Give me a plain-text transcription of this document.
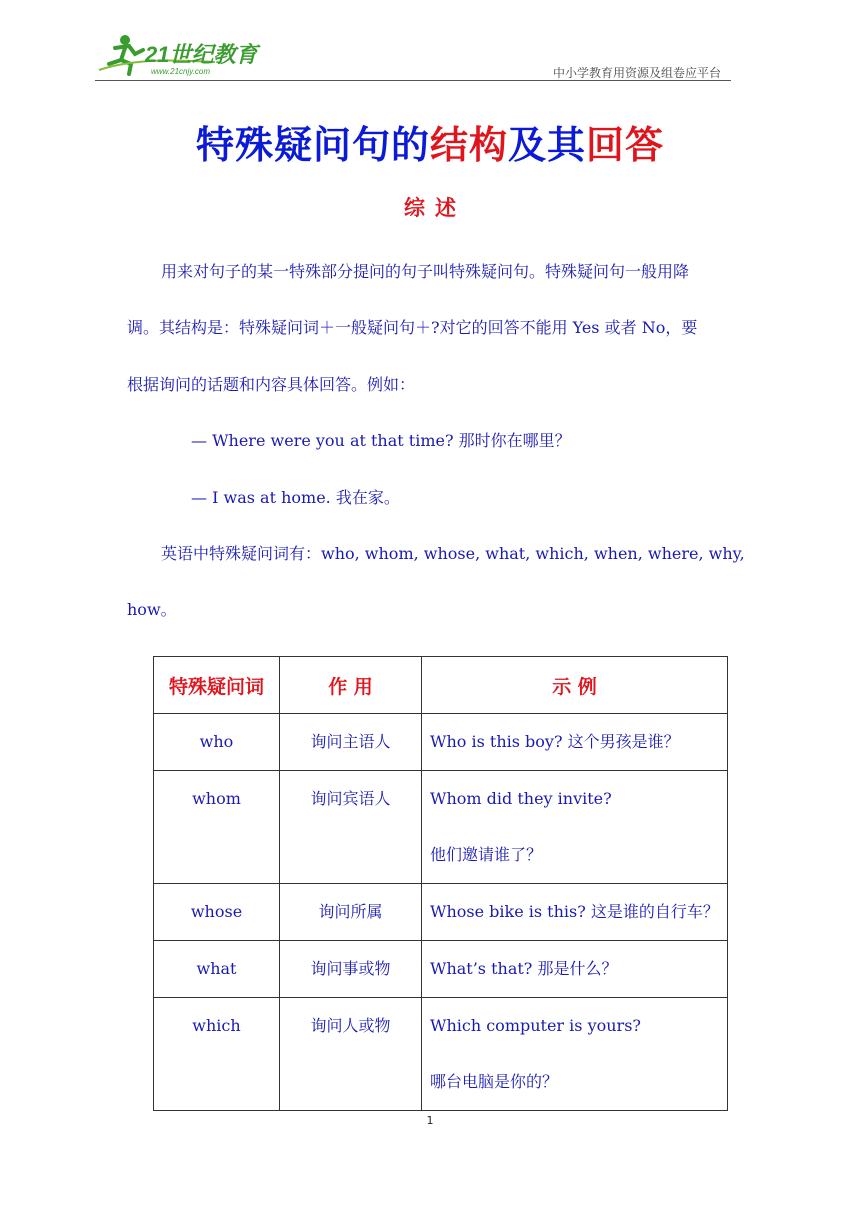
21世纪教育
www.21cnjy.com	中小学教育用资源及组卷应平台
特殊疑问句的结构及其回答
综述
用来对句子的某一特殊部分提问的句子叫特殊疑问句。特殊疑问句一般用降
调。其结构是：特殊疑问词＋一般疑问句＋?对它的回答不能用 Yes 或者 No，要
根据询问的话题和内容具体回答。例如：
— Where were you at that time? 那时你在哪里？
— I was at home. 我在家。
英语中特殊疑问词有：who, whom, whose, what, which, when, where, why,
how。
特殊疑问词	作 用	示 例

who	询问主语人	Who is this boy? 这个男孩是谁？

whom	询问宾语人	Whom did they invite?
他们邀请谁了？

whose	询问所属	Whose bike is this? 这是谁的自行车？

what	询问事或物	What’s that? 那是什么？

which	询问人或物	Which computer is yours?
哪台电脑是你的？
1
